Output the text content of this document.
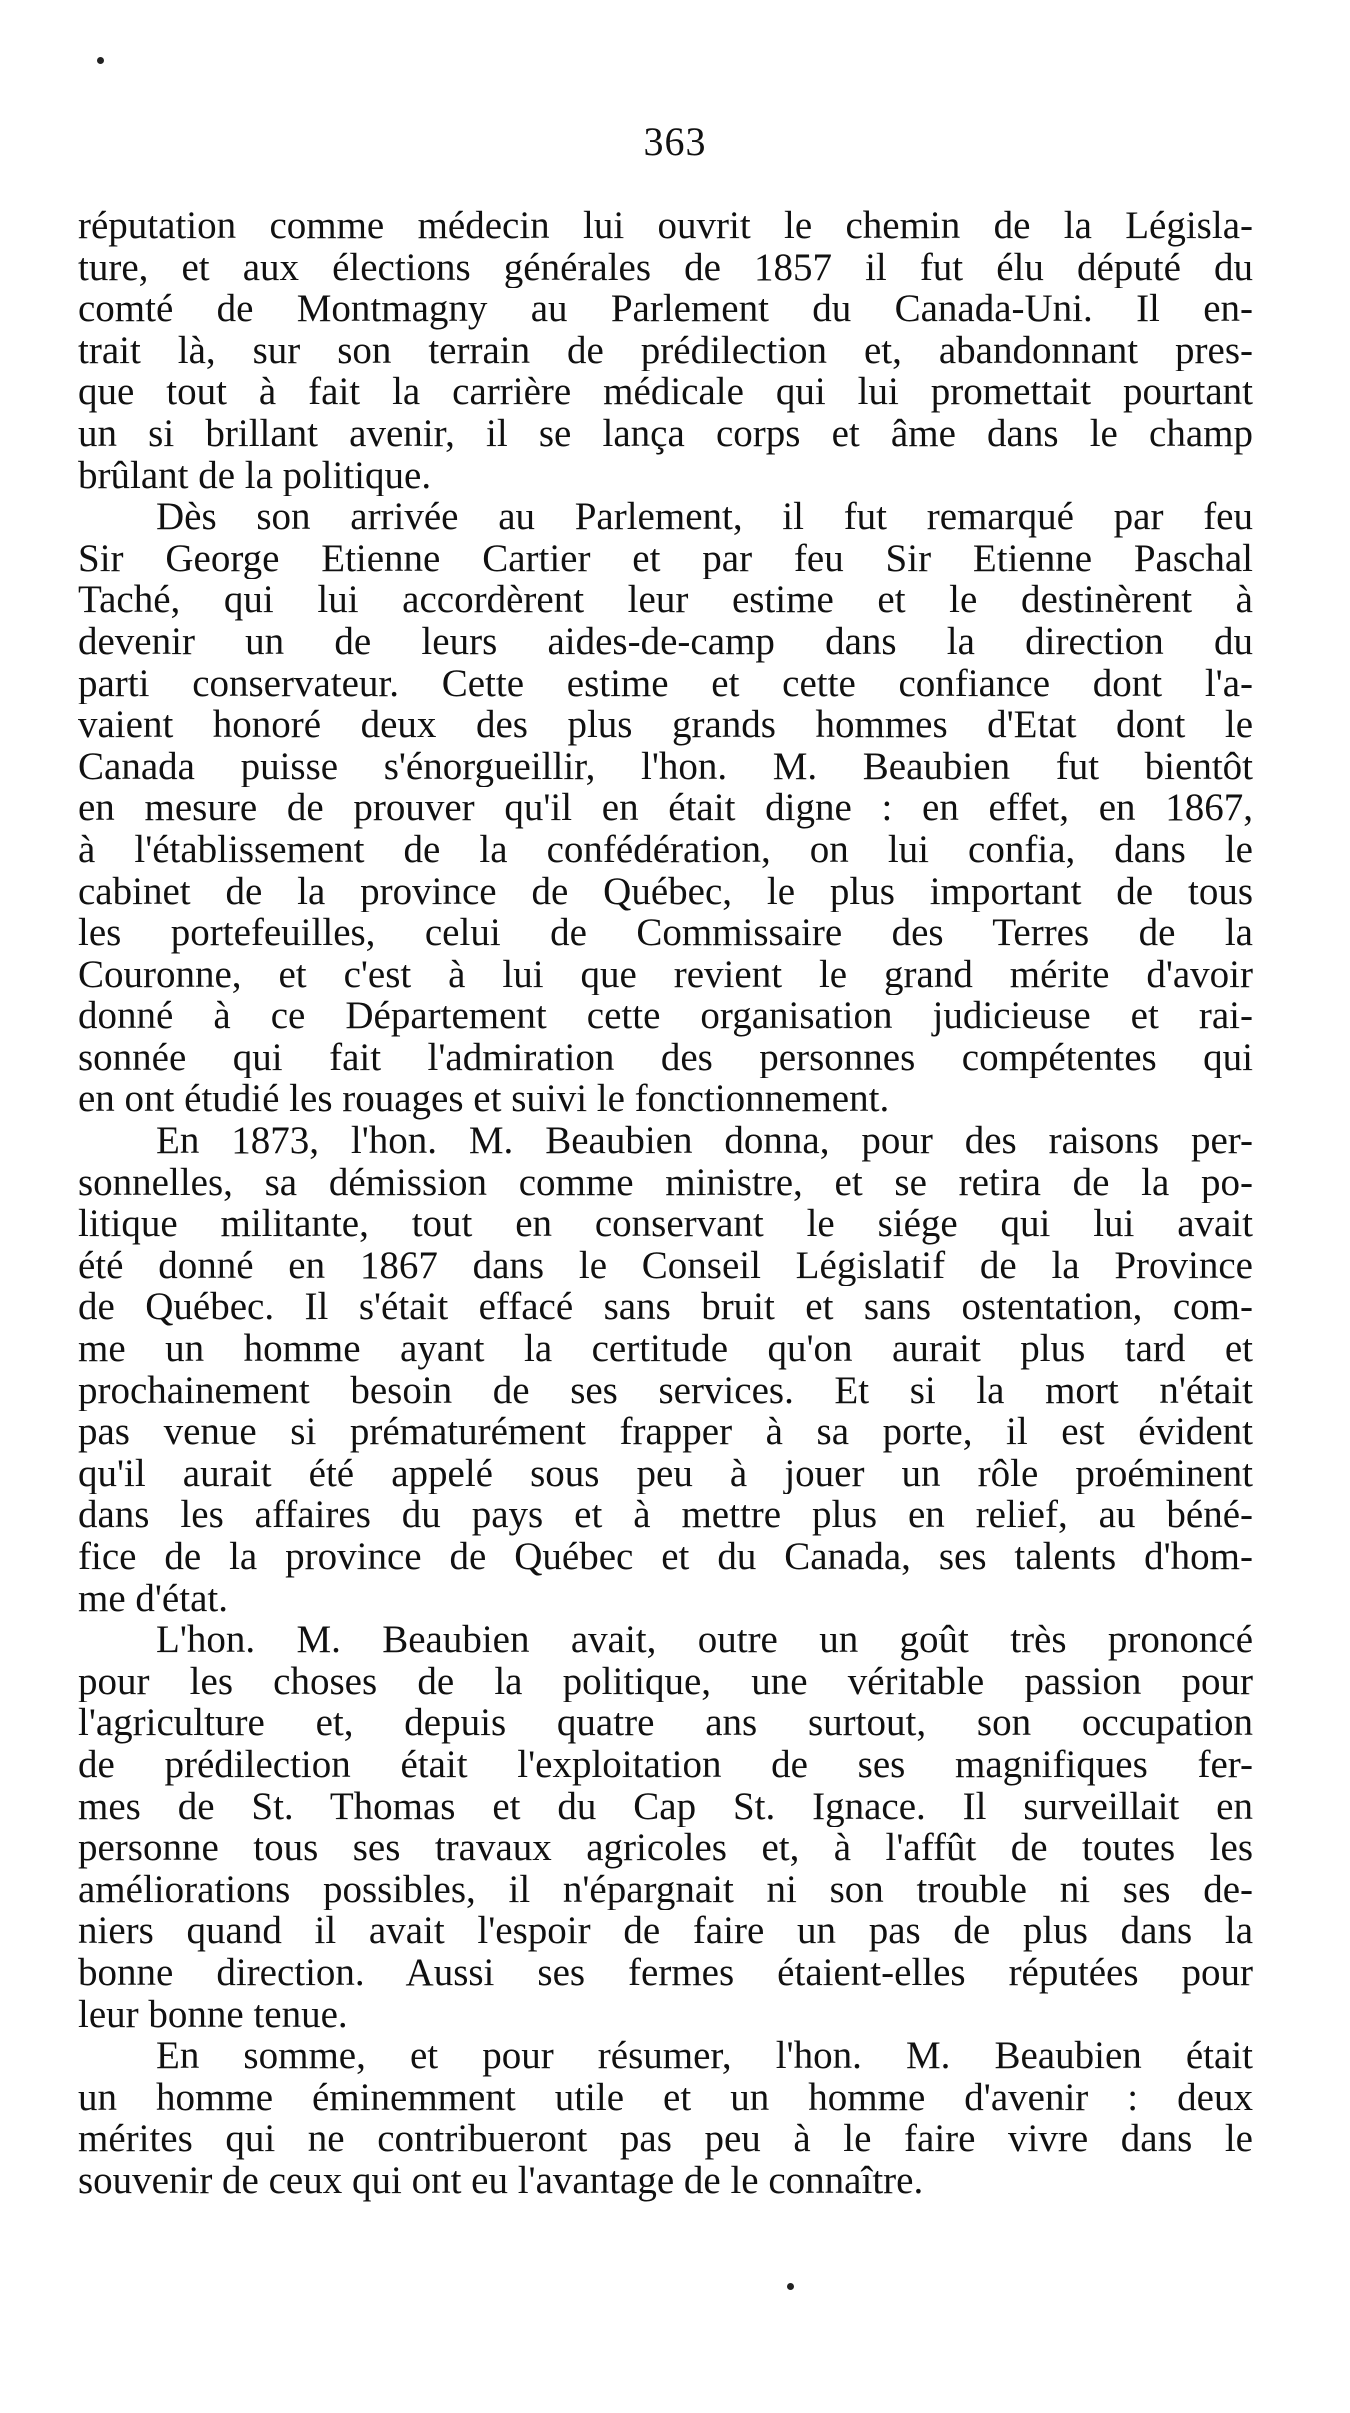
363
réputation comme médecin lui ouvrit le chemin de la Législa-
ture, et aux élections générales de 1857 il fut élu député du
comté de Montmagny au Parlement du Canada-Uni. Il en-
trait là, sur son terrain de prédilection et, abandonnant pres-
que tout à fait la carrière médicale qui lui promettait pourtant
un si brillant avenir, il se lança corps et âme dans le champ
brûlant de la politique.
Dès son arrivée au Parlement, il fut remarqué par feu
Sir George Etienne Cartier et par feu Sir Etienne Paschal
Taché, qui lui accordèrent leur estime et le destinèrent à
devenir un de leurs aides-de-camp dans la direction du
parti conservateur. Cette estime et cette confiance dont l'a-
vaient honoré deux des plus grands hommes d'Etat dont le
Canada puisse s'énorgueillir, l'hon. M. Beaubien fut bientôt
en mesure de prouver qu'il en était digne : en effet, en 1867,
à l'établissement de la confédération, on lui confia, dans le
cabinet de la province de Québec, le plus important de tous
les portefeuilles, celui de Commissaire des Terres de la
Couronne, et c'est à lui que revient le grand mérite d'avoir
donné à ce Département cette organisation judicieuse et rai-
sonnée qui fait l'admiration des personnes compétentes qui
en ont étudié les rouages et suivi le fonctionnement.
En 1873, l'hon. M. Beaubien donna, pour des raisons per-
sonnelles, sa démission comme ministre, et se retira de la po-
litique militante, tout en conservant le siége qui lui avait
été donné en 1867 dans le Conseil Législatif de la Province
de Québec. Il s'était effacé sans bruit et sans ostentation, com-
me un homme ayant la certitude qu'on aurait plus tard et
prochainement besoin de ses services. Et si la mort n'était
pas venue si prématurément frapper à sa porte, il est évident
qu'il aurait été appelé sous peu à jouer un rôle proéminent
dans les affaires du pays et à mettre plus en relief, au béné-
fice de la province de Québec et du Canada, ses talents d'hom-
me d'état.
L'hon. M. Beaubien avait, outre un goût très prononcé
pour les choses de la politique, une véritable passion pour
l'agriculture et, depuis quatre ans surtout, son occupation
de prédilection était l'exploitation de ses magnifiques fer-
mes de St. Thomas et du Cap St. Ignace. Il surveillait en
personne tous ses travaux agricoles et, à l'affût de toutes les
améliorations possibles, il n'épargnait ni son trouble ni ses de-
niers quand il avait l'espoir de faire un pas de plus dans la
bonne direction. Aussi ses fermes étaient-elles réputées pour
leur bonne tenue.
En somme, et pour résumer, l'hon. M. Beaubien était
un homme éminemment utile et un homme d'avenir : deux
mérites qui ne contribueront pas peu à le faire vivre dans le
souvenir de ceux qui ont eu l'avantage de le connaître.
